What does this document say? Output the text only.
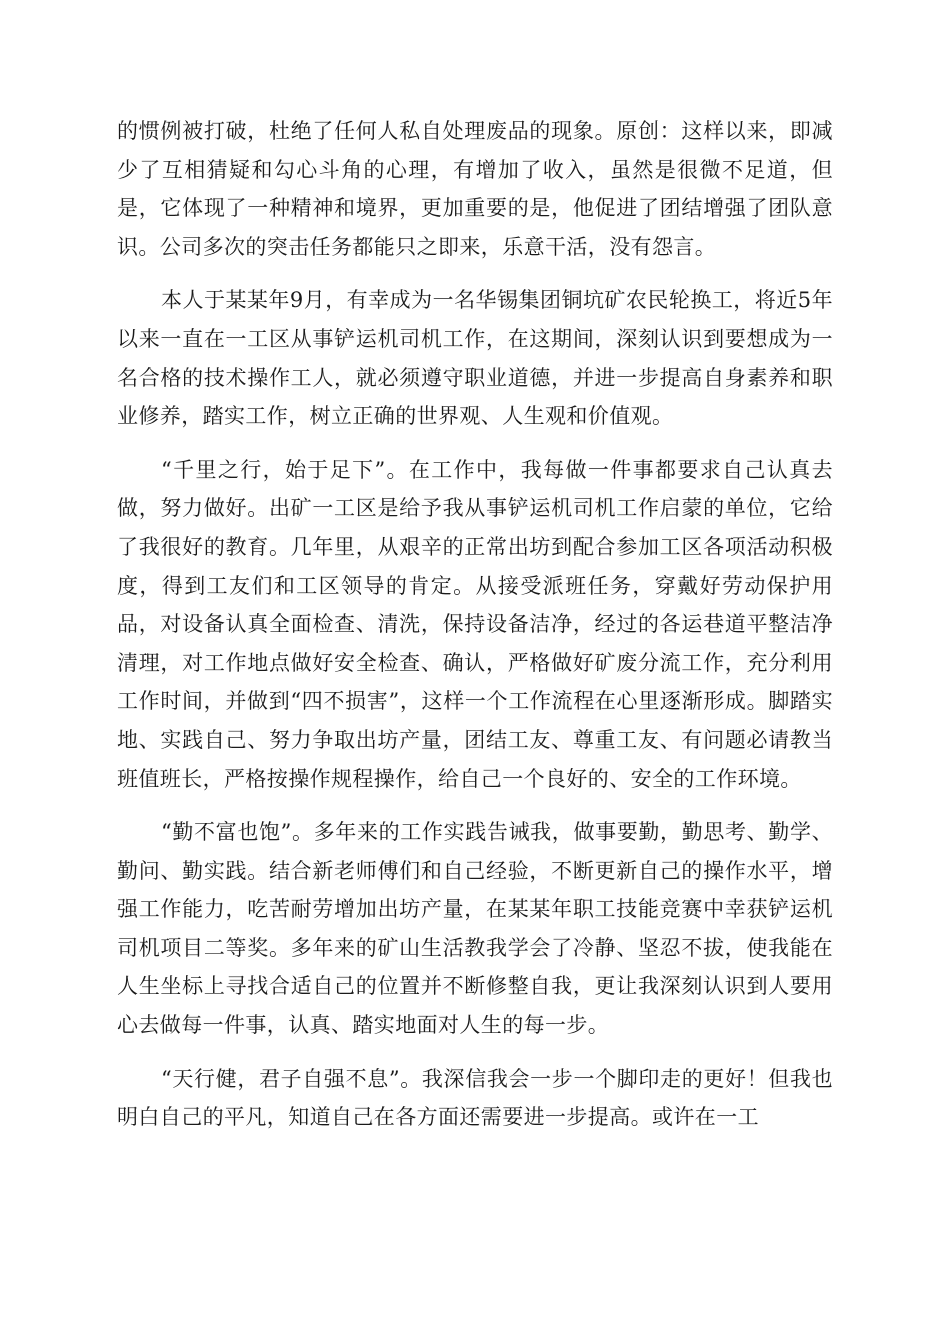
的惯例被打破，杜绝了任何人私自处理废品的现象。原创：这样以来，即减少了互相猜疑和勾心斗角的心理，有增加了收入，虽然是很微不足道，但是，它体现了一种精神和境界，更加重要的是，他促进了团结增强了团队意识。公司多次的突击任务都能只之即来，乐意干活，没有怨言。

本人于某某年9月，有幸成为一名华锡集团铜坑矿农民轮换工，将近5年以来一直在一工区从事铲运机司机工作，在这期间，深刻认识到要想成为一名合格的技术操作工人，就必须遵守职业道德，并进一步提高自身素养和职业修养，踏实工作，树立正确的世界观、人生观和价值观。

“千里之行，始于足下”。在工作中，我每做一件事都要求自己认真去做，努力做好。出矿一工区是给予我从事铲运机司机工作启蒙的单位，它给了我很好的教育。几年里，从艰辛的正常出坊到配合参加工区各项活动积极度，得到工友们和工区领导的肯定。从接受派班任务，穿戴好劳动保护用品，对设备认真全面检查、清洗，保持设备洁净，经过的各运巷道平整洁净清理，对工作地点做好安全检查、确认，严格做好矿废分流工作，充分利用工作时间，并做到“四不损害”，这样一个工作流程在心里逐渐形成。脚踏实地、实践自己、努力争取出坊产量，团结工友、尊重工友、有问题必请教当班值班长，严格按操作规程操作，给自己一个良好的、安全的工作环境。

“勤不富也饱”。多年来的工作实践告诫我，做事要勤，勤思考、勤学、勤问、勤实践。结合新老师傅们和自己经验，不断更新自己的操作水平，增强工作能力，吃苦耐劳增加出坊产量，在某某年职工技能竞赛中幸获铲运机司机项目二等奖。多年来的矿山生活教我学会了冷静、坚忍不拔，使我能在人生坐标上寻找合适自己的位置并不断修整自我，更让我深刻认识到人要用心去做每一件事，认真、踏实地面对人生的每一步。

“天行健，君子自强不息”。我深信我会一步一个脚印走的更好！但我也明白自己的平凡，知道自己在各方面还需要进一步提高。或许在一工
